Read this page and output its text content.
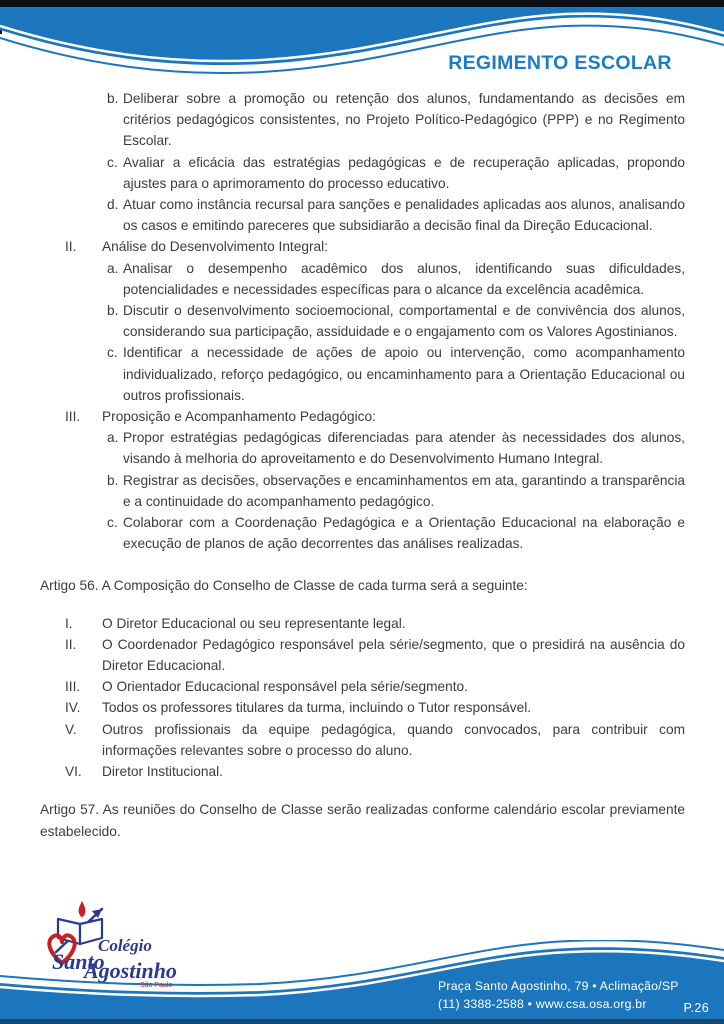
REGIMENTO ESCOLAR
b. Deliberar sobre a promoção ou retenção dos alunos, fundamentando as decisões em critérios pedagógicos consistentes, no Projeto Político-Pedagógico (PPP) e no Regimento Escolar.
c. Avaliar a eficácia das estratégias pedagógicas e de recuperação aplicadas, propondo ajustes para o aprimoramento do processo educativo.
d. Atuar como instância recursal para sanções e penalidades aplicadas aos alunos, analisando os casos e emitindo pareceres que subsidiarão a decisão final da Direção Educacional.
II. Análise do Desenvolvimento Integral:
a. Analisar o desempenho acadêmico dos alunos, identificando suas dificuldades, potencialidades e necessidades específicas para o alcance da excelência acadêmica.
b. Discutir o desenvolvimento socioemocional, comportamental e de convivência dos alunos, considerando sua participação, assiduidade e o engajamento com os Valores Agostinianos.
c. Identificar a necessidade de ações de apoio ou intervenção, como acompanhamento individualizado, reforço pedagógico, ou encaminhamento para a Orientação Educacional ou outros profissionais.
III. Proposição e Acompanhamento Pedagógico:
a. Propor estratégias pedagógicas diferenciadas para atender às necessidades dos alunos, visando à melhoria do aproveitamento e do Desenvolvimento Humano Integral.
b. Registrar as decisões, observações e encaminhamentos em ata, garantindo a transparência e a continuidade do acompanhamento pedagógico.
c. Colaborar com a Coordenação Pedagógica e a Orientação Educacional na elaboração e execução de planos de ação decorrentes das análises realizadas.
Artigo 56. A Composição do Conselho de Classe de cada turma será a seguinte:
I. O Diretor Educacional ou seu representante legal.
II. O Coordenador Pedagógico responsável pela série/segmento, que o presidirá na ausência do Diretor Educacional.
III. O Orientador Educacional responsável pela série/segmento.
IV. Todos os professores titulares da turma, incluindo o Tutor responsável.
V. Outros profissionais da equipe pedagógica, quando convocados, para contribuir com informações relevantes sobre o processo do aluno.
VI. Diretor Institucional.
Artigo 57. As reuniões do Conselho de Classe serão realizadas conforme calendário escolar previamente estabelecido.
Colégio
Santo
Agostinho
São Paulo	Praça Santo Agostinho, 79 • Aclimação/SP
(11) 3388-2588 • www.csa.osa.org.br	P.26
